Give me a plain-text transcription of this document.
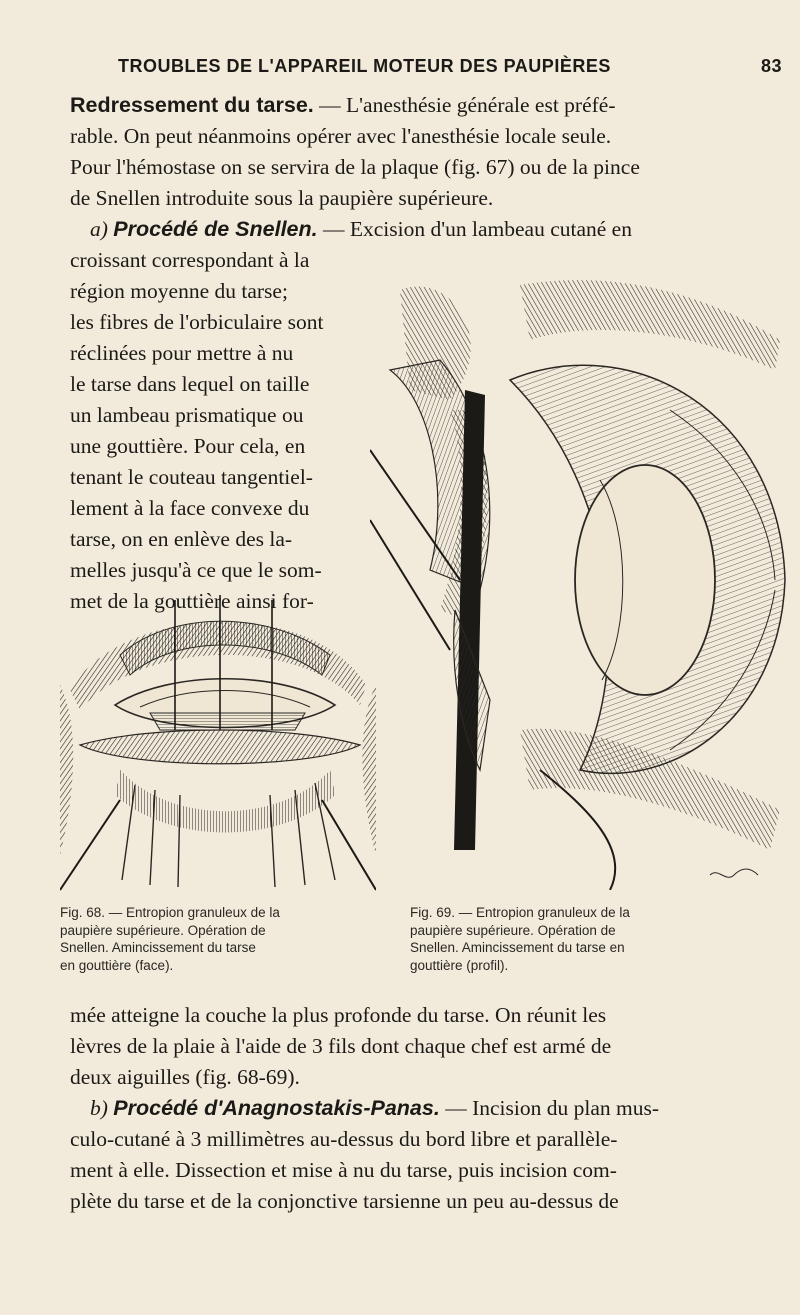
TROUBLES DE L'APPAREIL MOTEUR DES PAUPIÈRES	83
Redressement du tarse. — L'anesthésie générale est préfé-
rable. On peut néanmoins opérer avec l'anesthésie locale seule.
Pour l'hémostase on se servira de la plaque (fig. 67) ou de la pince
de Snellen introduite sous la paupière supérieure.
a) Procédé de Snellen. — Excision d'un lambeau cutané en
croissant correspondant à la
région moyenne du tarse;
les fibres de l'orbiculaire sont
réclinées pour mettre à nu
le tarse dans lequel on taille
un lambeau prismatique ou
une gouttière. Pour cela, en
tenant le couteau tangentiel-
lement à la face convexe du
tarse, on en enlève des la-
melles jusqu'à ce que le som-
met de la gouttière ainsi for-
Fig. 68. — Entropion granuleux de la
paupière supérieure. Opération de
Snellen. Amincissement du tarse
en gouttière (face).
Fig. 69. — Entropion granuleux de la
paupière supérieure. Opération de
Snellen. Amincissement du tarse en
gouttière (profil).
mée atteigne la couche la plus profonde du tarse. On réunit les
lèvres de la plaie à l'aide de 3 fils dont chaque chef est armé de
deux aiguilles (fig. 68-69).
b) Procédé d'Anagnostakis-Panas. — Incision du plan mus-
culo-cutané à 3 millimètres au-dessus du bord libre et parallèle-
ment à elle. Dissection et mise à nu du tarse, puis incision com-
plète du tarse et de la conjonctive tarsienne un peu au-dessus de
